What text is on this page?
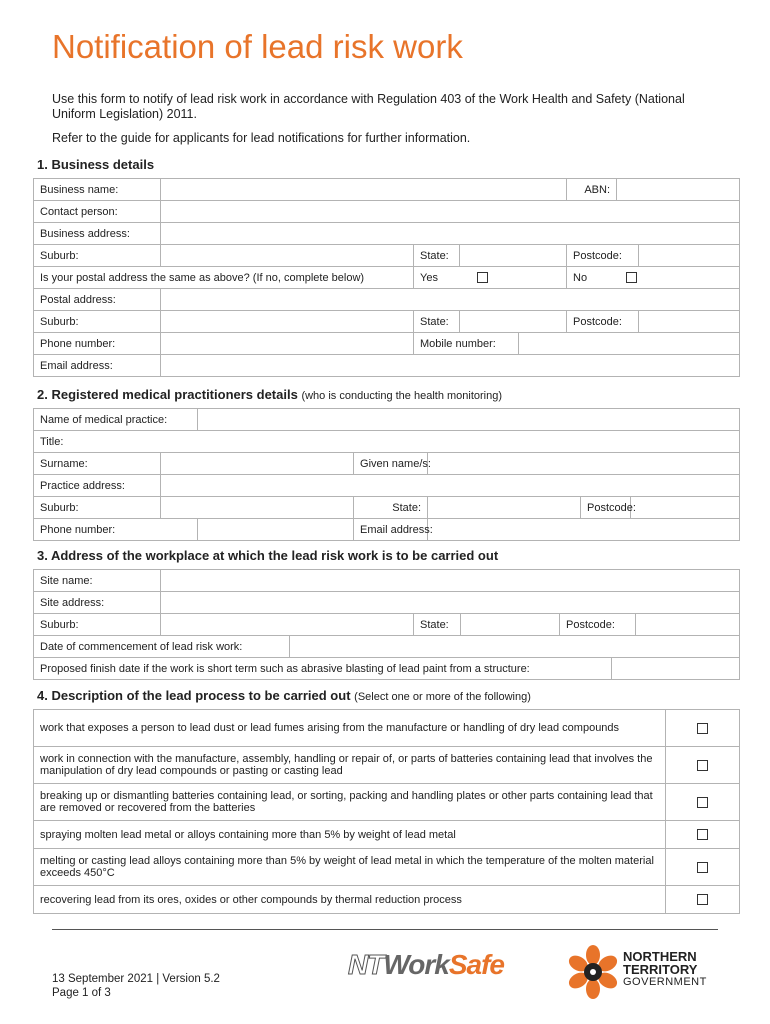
Notification of lead risk work

Use this form to notify of lead risk work in accordance with Regulation 403 of the Work Health and Safety (National Uniform Legislation) 2011.

Refer to the guide for applicants for lead notifications for further information.

1. Business details
Business name:					ABN:		
Contact person:							
Business address:							
Suburb:		State:			Postcode:		
Is your postal address the same as above? (If no, complete below)		Yes			No		
Postal address:							
Suburb:		State:			Postcode:		
Phone number:		Mobile number:					
Email address:							
2. Registered medical practitioners details (who is conducting the health monitoring)
Name of medical practice:						
Title:						
Surname:			Given name/s:			
Practice address:						
Suburb:			State:		Postcode:	
Phone number:			Email address:			
3. Address of the workplace at which the lead risk work is to be carried out
Site name:							
Site address:							
Suburb:			State:		Postcode:		
Date of commencement of lead risk work:							
Proposed finish date if the work is short term such as abrasive blasting of lead paint from a structure:							
4. Description of the lead process to be carried out (Select one or more of the following)
work that exposes a person to lead dust or lead fumes arising from the manufacture or handling of dry lead compounds	
work in connection with the manufacture, assembly, handling or repair of, or parts of batteries containing lead that involves the manipulation of dry lead compounds or pasting or casting lead	
breaking up or dismantling batteries containing lead, or sorting, packing and handling plates or other parts containing lead that are removed or recovered from the batteries	
spraying molten lead metal or alloys containing more than 5% by weight of lead metal	
melting or casting lead alloys containing more than 5% by weight of lead metal in which the temperature of the molten material exceeds 450°C	
recovering lead from its ores, oxides or other compounds by thermal reduction process	
13 September 2021 | Version 5.2
Page 1 of 3
NTWorkSafe	NORTHERN
TERRITORY
GOVERNMENT
